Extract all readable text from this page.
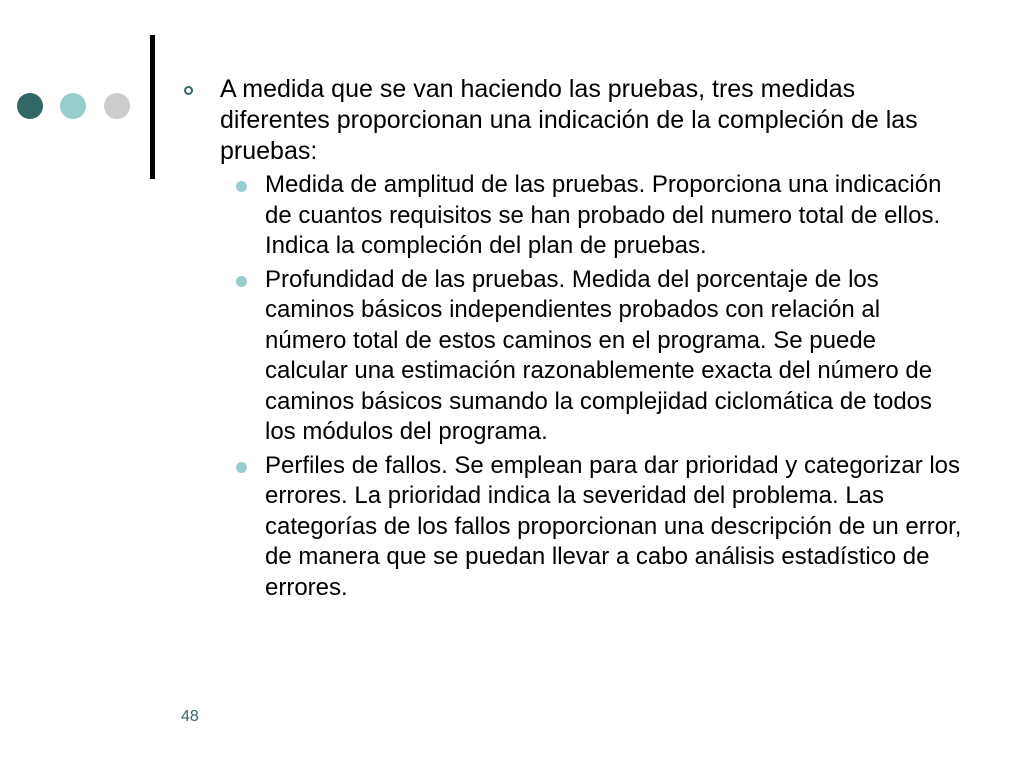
A medida que se van haciendo las pruebas, tres medidas diferentes proporcionan una indicación de la compleción de las pruebas:
Medida de amplitud de las pruebas. Proporciona una indicación de cuantos requisitos se han probado del numero total de ellos. Indica la compleción del plan de pruebas.
Profundidad de las pruebas. Medida del porcentaje de los caminos básicos independientes probados con relación al número total de estos caminos en el programa. Se puede calcular una estimación razonablemente exacta del número de caminos básicos sumando la complejidad ciclomática de todos los módulos del programa.
Perfiles de fallos. Se emplean para dar prioridad y categorizar los errores. La prioridad indica la severidad del problema. Las categorías de los fallos proporcionan una descripción de un error, de manera que se puedan llevar a cabo análisis estadístico de errores.
48
